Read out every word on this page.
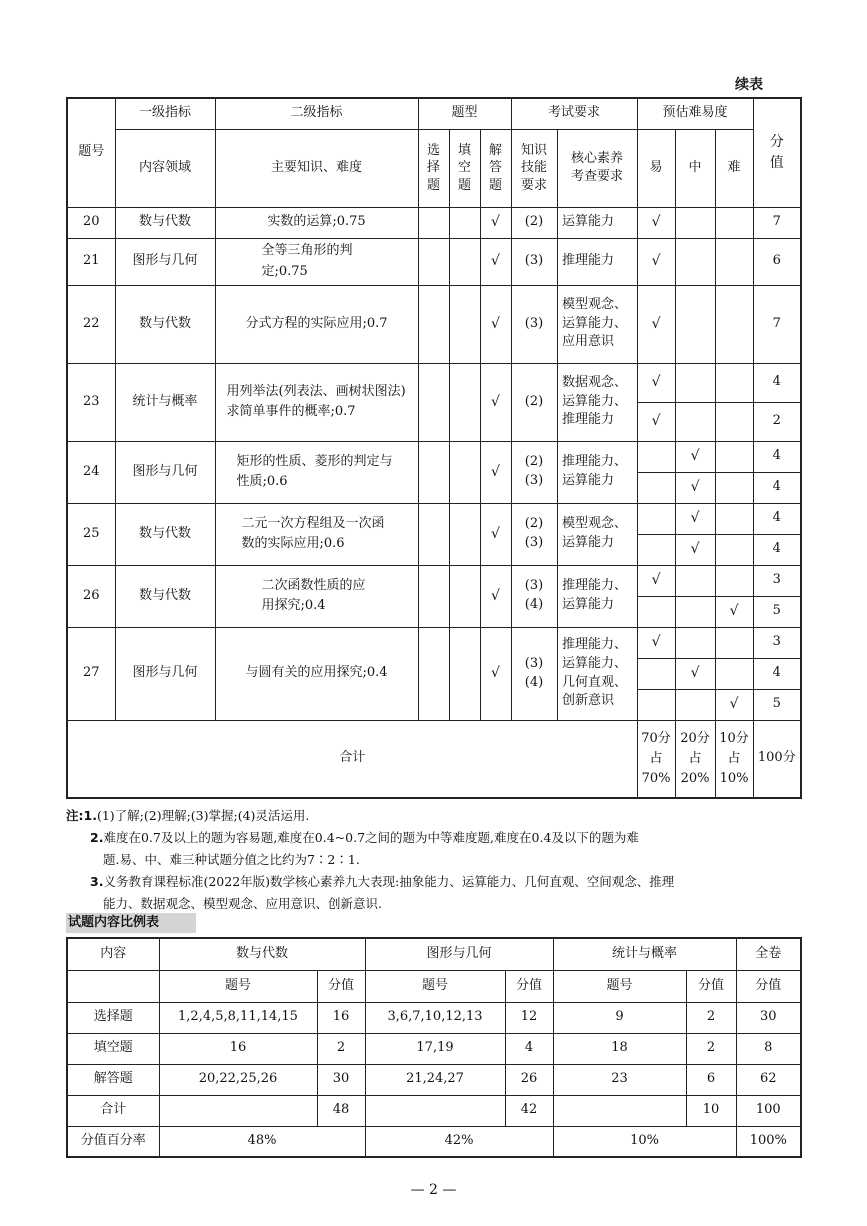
续表
题号	一级指标	二级指标	题型			考试要求		预估难易度			分值

	内容领域	主要知识、难度	选择题	填空题	解答题	知识技能要求	核心素养考查要求	易	中	难	
20	数与代数	实数的运算;0.75			√	(2)	运算能力	√			7
21	图形与几何	全等三角形的判定;0.75			√	(3)	推理能力	√			6
22	数与代数	分式方程的实际应用;0.7			√	(3)	模型观念、运算能力、应用意识	√			7
23	统计与概率	用列举法(列表法、画树状图法)求简单事件的概率;0.7			√	(2)	数据观念、运算能力、推理能力	√			4
								√			2
24	图形与几何	矩形的性质、菱形的判定与性质;0.6			√	(2)(3)	推理能力、运算能力		√		4
									√		4
25	数与代数	二元一次方程组及一次函数的实际应用;0.6			√	(2)(3)	模型观念、运算能力		√		4
									√		4
26	数与代数	二次函数性质的应用探究;0.4			√	(3)(4)	推理能力、运算能力	√			3
										√	5
27	图形与几何	与圆有关的应用探究;0.4			√	(3)(4)	推理能力、运算能力、几何直观、创新意识	√			3
									√		4
										√	5
合计								70分占70%	20分占20%	10分占10%	100分
注:1.(1)了解;(2)理解;(3)掌握;(4)灵活运用.
2.难度在0.7及以上的题为容易题,难度在0.4~0.7之间的题为中等难度题,难度在0.4及以下的题为难
题.易、中、难三种试题分值之比约为7∶2∶1.
3.义务教育课程标准(2022年版)数学核心素养九大表现:抽象能力、运算能力、几何直观、空间观念、推理
能力、数据观念、模型观念、应用意识、创新意识.
试题内容比例表
内容	数与代数		图形与几何		统计与概率		全卷
	题号	分值	题号	分值	题号	分值	分值
选择题	1,2,4,5,8,11,14,15	16	3,6,7,10,12,13	12	9	2	30
填空题	16	2	17,19	4	18	2	8
解答题	20,22,25,26	30	21,24,27	26	23	6	62
合计		48		42		10	100
分值百分率	48%		42%		10%		100%
— 2 —
